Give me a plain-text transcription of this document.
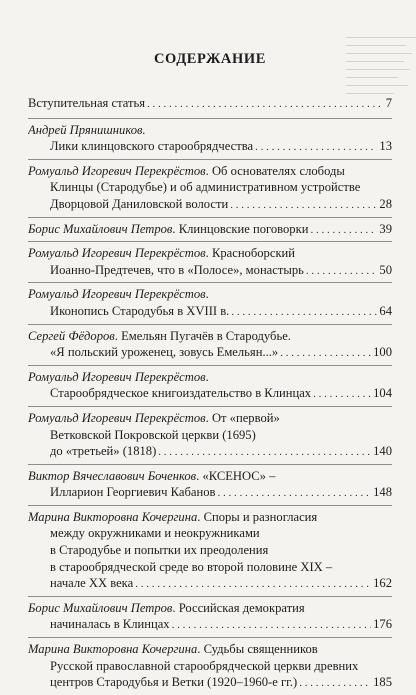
СОДЕРЖАНИЕ
Вступительная статья . . .	7
Андрей Прянишников.
Лики клинцовского старообрядчества . . .	13
Ромуальд Игоревич Перекрёстов. Об основателях слободы
Клинцы (Стародубье) и об административном устройстве
Дворцовой Даниловской волости . . .	28
Борис Михайлович Петров. Клинцовские поговорки . . .	39
Ромуальд Игоревич Перекрёстов. Красноборский
Иоанно-Предтечев, что в «Полосе», монастырь . . .	50
Ромуальд Игоревич Перекрёстов.
Иконопись Стародубья в XVIII в. . . .	64
Сергей Фёдоров. Емельян Пугачёв в Стародубье.
«Я польский уроженец, зовусь Емельян...» . . .	100
Ромуальд Игоревич Перекрёстов.
Старообрядческое книгоиздательство в Клинцах . . .	104
Ромуальд Игоревич Перекрёстов. От «первой»
Ветковской Покровской церкви (1695)
до «третьей» (1818) . . .	140
Виктор Вячеславович Боченков. «КСЕНОС» –
Илларион Георгиевич Кабанов . . .	148
Марина Викторовна Кочергина. Споры и разногласия
между окружниками и неокружниками
в Стародубье и попытки их преодоления
в старообрядческой среде во второй половине XIX –
начале XX века . . .	162
Борис Михайлович Петров. Российская демократия
начиналась в Клинцах . . .	176
Марина Викторовна Кочергина. Судьбы священников
Русской православной старообрядческой церкви древних
центров Стародубья и Ветки (1920–1960-е гг.) . . .	185
